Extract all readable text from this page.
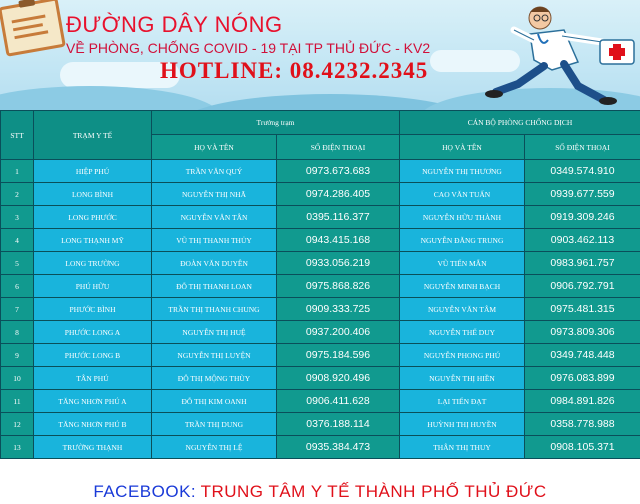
ĐƯỜNG DÂY NÓNG
VỀ PHÒNG, CHỐNG COVID - 19 TẠI TP THỦ ĐỨC - KV2
HOTLINE: 08.4232.2345
STT	TRẠM Y TẾ	Trưởng trạm		CÁN BỘ PHÒNG CHỐNG DỊCH	
		HỌ VÀ TÊN	SỐ ĐIỆN THOẠI	HỌ VÀ TÊN	SỐ ĐIỆN THOẠI
1	HIỆP PHÚ	TRẦN VĂN QUÝ	0973.673.683	NGUYỄN THỊ THƯƠNG	0349.574.910
2	LONG BÌNH	NGUYỄN THỊ NHÃ	0974.286.405	CAO VĂN TUẤN	0939.677.559
3	LONG PHƯỚC	NGUYỄN VĂN TÂN	0395.116.377	NGUYỄN HỮU THÀNH	0919.309.246
4	LONG THẠNH MỸ	VŨ THỊ THANH THỦY	0943.415.168	NGUYỄN ĐĂNG TRUNG	0903.462.113
5	LONG TRƯỜNG	ĐOÀN VĂN DUYÊN	0933.056.219	VŨ TIẾN MẪN	0983.961.757
6	PHÚ HỮU	ĐỖ THỊ THANH LOAN	0975.868.826	NGUYỄN MINH BẠCH	0906.792.791
7	PHƯỚC BÌNH	TRẦN THỊ THANH CHUNG	0909.333.725	NGUYỄN VĂN TÂM	0975.481.315
8	PHƯỚC LONG A	NGUYỄN THỊ HUỆ	0937.200.406	NGUYỄN THẾ DUY	0973.809.306
9	PHƯỚC LONG B	NGUYỄN THỊ LUYỆN	0975.184.596	NGUYỄN PHONG PHÚ	0349.748.448
10	TÂN PHÚ	ĐỖ THỊ MỘNG THÙY	0908.920.496	NGUYỄN THỊ HIỀN	0976.083.899
11	TĂNG NHƠN PHÚ A	ĐỖ THỊ KIM OANH	0906.411.628	LẠI TIẾN ĐẠT	0984.891.826
12	TĂNG NHƠN PHÚ B	TRẦN THỊ DUNG	0376.188.114	HUỲNH THỊ HUYỀN	0358.778.988
13	TRƯỜNG THẠNH	NGUYỄN THỊ LỆ	0935.384.473	THÂN THỊ THUY	0908.105.371
FACEBOOK: TRUNG TÂM Y TẾ THÀNH PHỐ THỦ ĐỨC
